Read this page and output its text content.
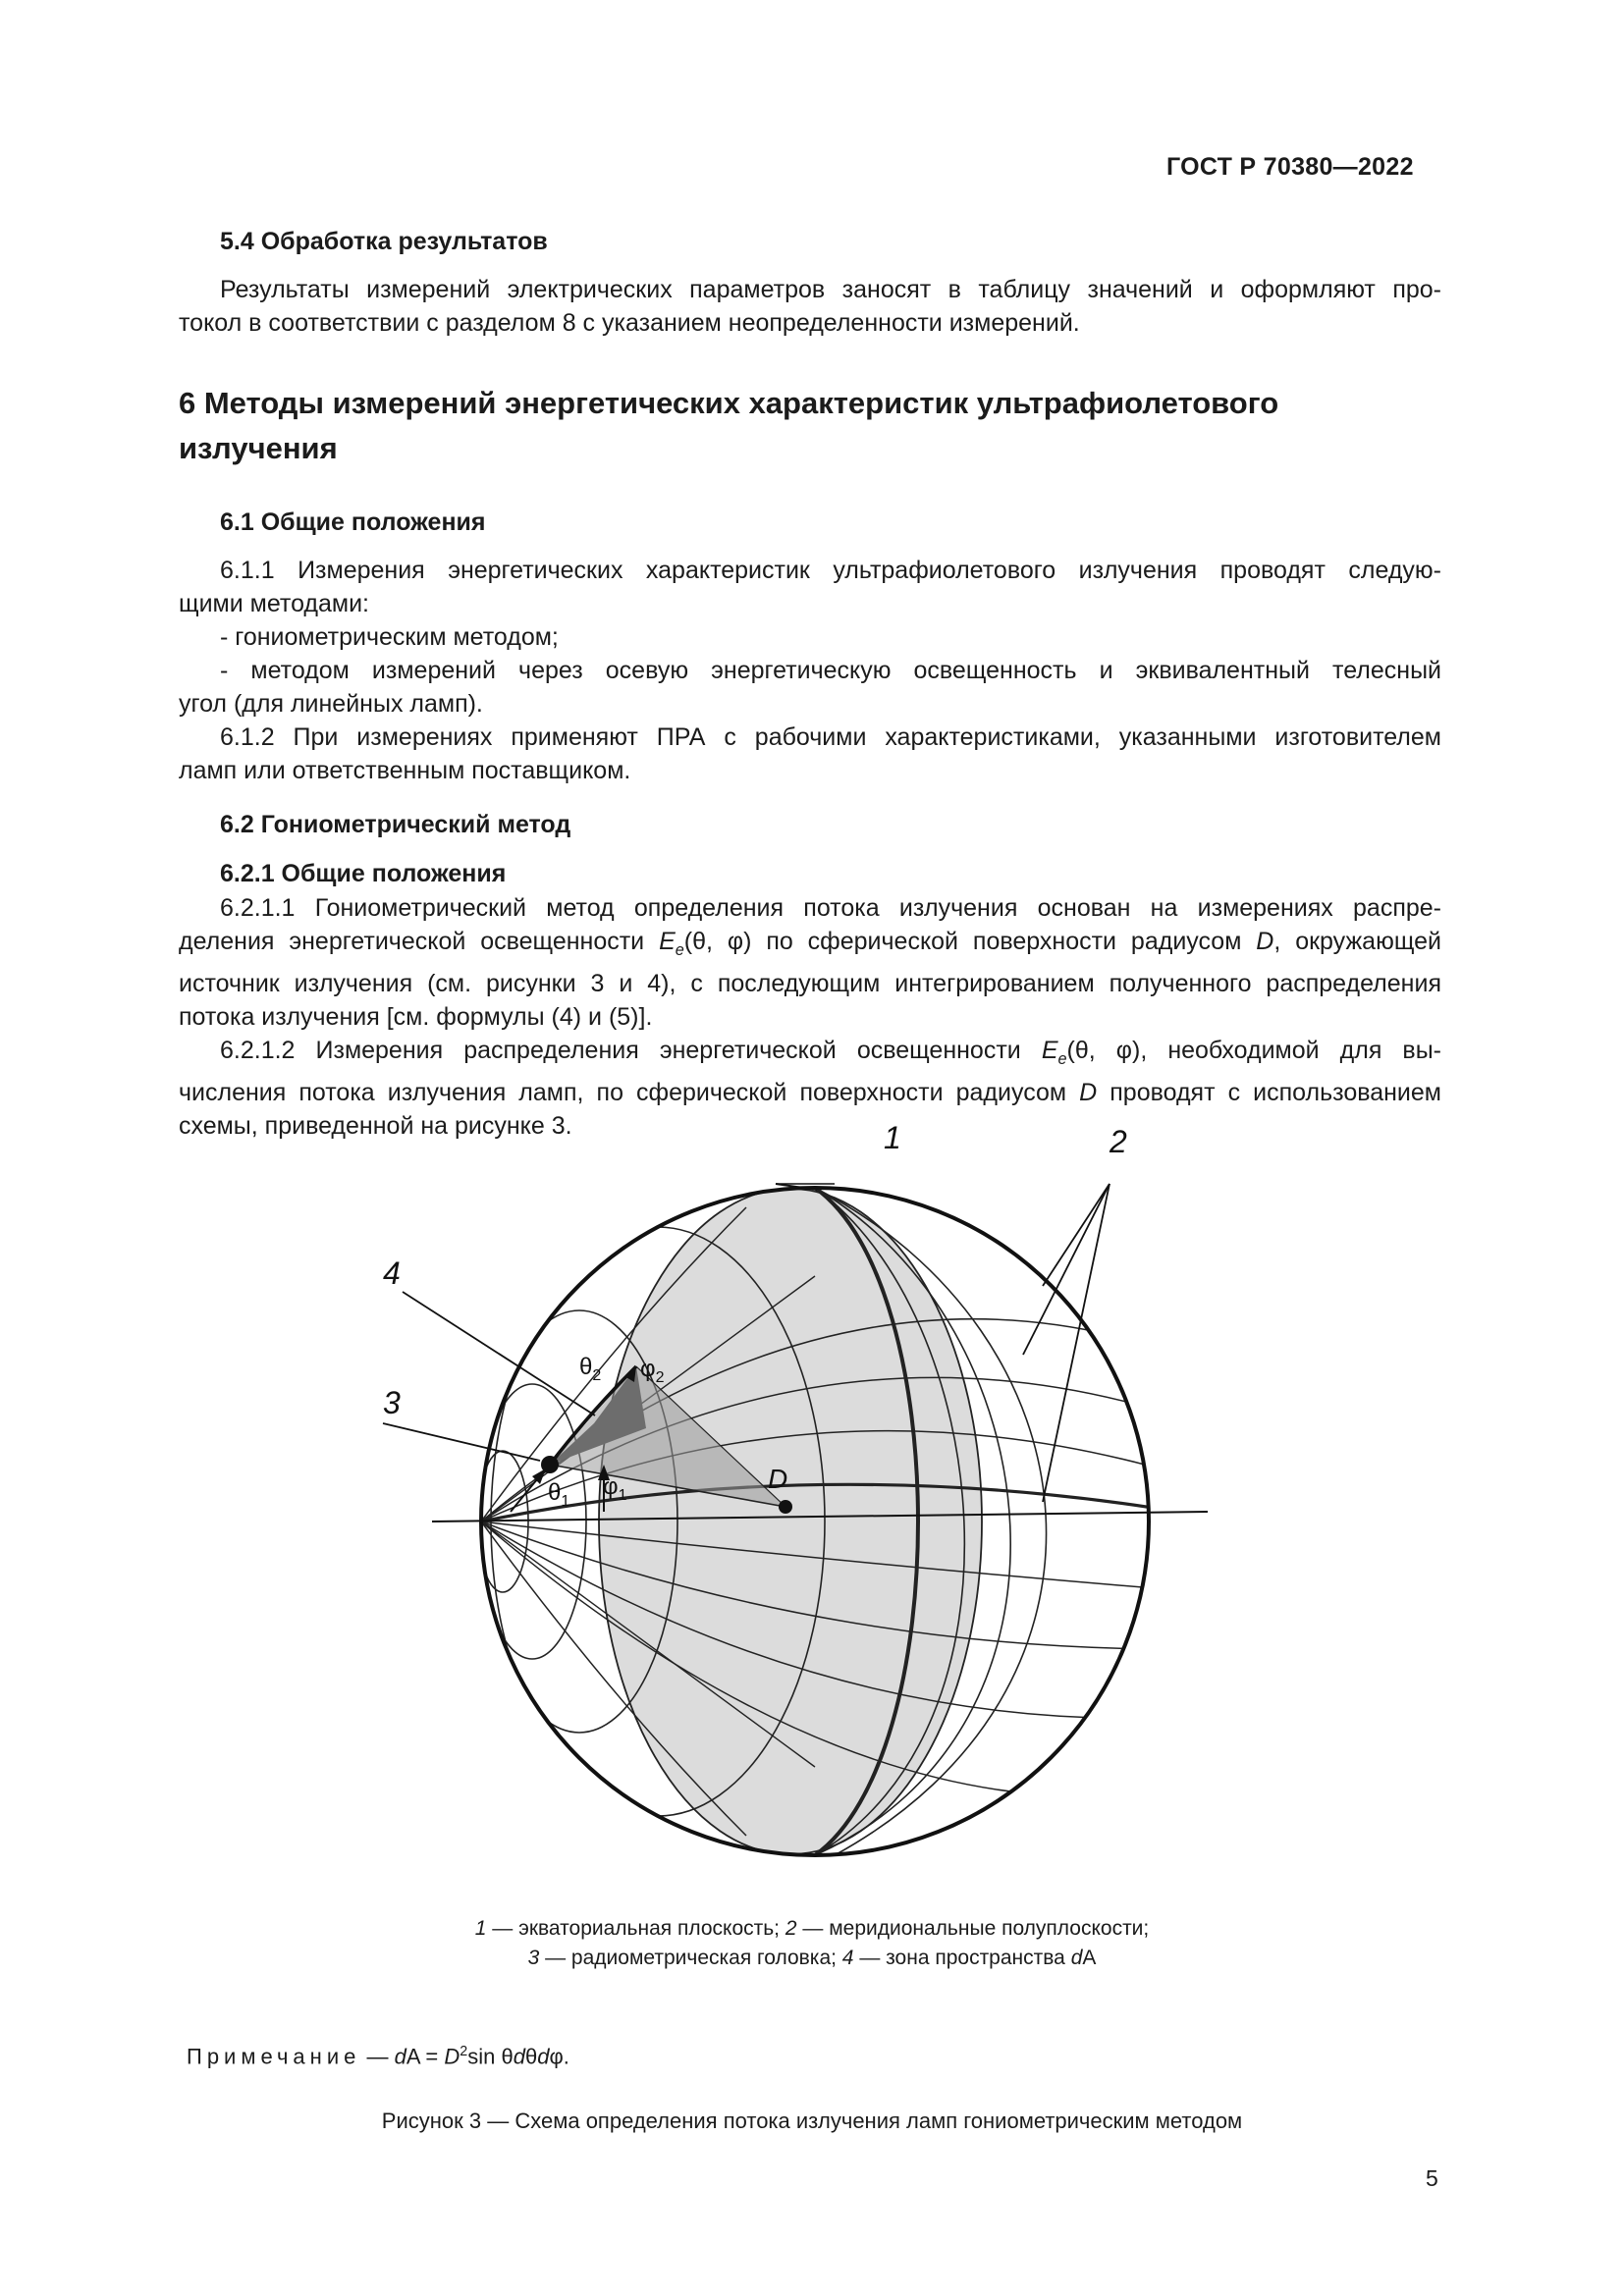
ГОСТ Р 70380—2022
5.4 Обработка результатов
Результаты измерений электрических параметров заносят в таблицу значений и оформляют про-
токол в соответствии с разделом 8 с указанием неопределенности измерений.
6 Методы измерений энергетических характеристик ультрафиолетового
излучения
6.1 Общие положения
6.1.1 Измерения энергетических характеристик ультрафиолетового излучения проводят следую-
щими методами:
- гониометрическим методом;
- методом измерений через осевую энергетическую освещенность и эквивалентный телесный
угол (для линейных ламп).
6.1.2 При измерениях применяют ПРА с рабочими характеристиками, указанными изготовителем
ламп или ответственным поставщиком.
6.2 Гониометрический метод
6.2.1 Общие положения
6.2.1.1 Гониометрический метод определения потока излучения основан на измерениях распре-
деления энергетической освещенности $E_e(\theta$, φ) по сферической поверхности радиусом D, окружающей
источник излучения (см. рисунки 3 и 4), с последующим интегрированием полученного распределения
потока излучения [см. формулы (4) и (5)].
6.2.1.2 Измерения распределения энергетической освещенности $E_e(\theta$, φ), необходимой для вы-
числения потока излучения ламп, по сферической поверхности радиусом D проводят с использованием
схемы, приведенной на рисунке 3.	1	2
3
4
$\theta_1$
$\theta_2$
$\varphi_1$
$\varphi_2$
D
1 — экваториальная плоскость; 2 — меридиональные полуплоскости;
3 — радиометрическая головка; 4 — зона пространства dA
Примечание — dA = $D^2\sin$ θdθdφ.
Рисунок 3 — Схема определения потока излучения ламп гониометрическим методом
5
